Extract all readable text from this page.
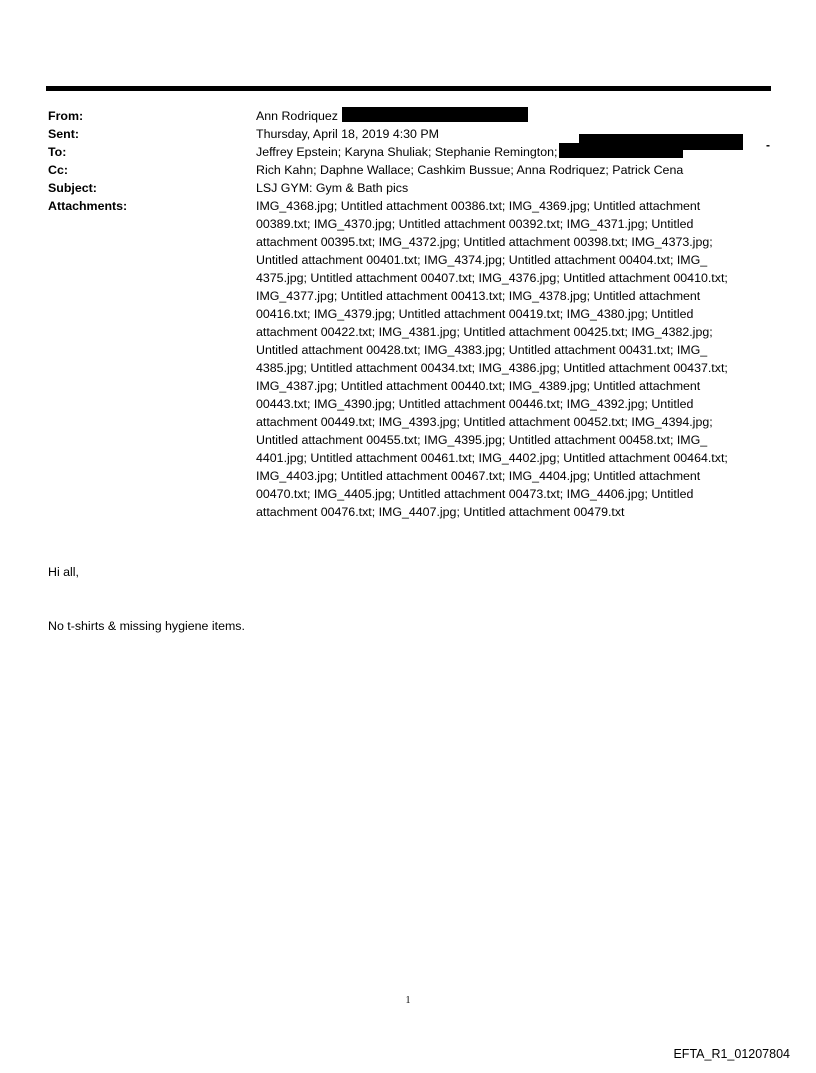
From:	Ann Rodriquez
Sent:	Thursday, April 18, 2019 4:30 PM
To:	Jeffrey Epstein; Karyna Shuliak; Stephanie Remington;
Cc:	Rich Kahn; Daphne Wallace; Cashkim Bussue; Anna Rodriquez; Patrick Cena
Subject:	LSJ GYM: Gym & Bath pics
Attachments:	IMG_4368.jpg; Untitled attachment 00386.txt; IMG_4369.jpg; Untitled attachment
00389.txt; IMG_4370.jpg; Untitled attachment 00392.txt; IMG_4371.jpg; Untitled
attachment 00395.txt; IMG_4372.jpg; Untitled attachment 00398.txt; IMG_4373.jpg;
Untitled attachment 00401.txt; IMG_4374.jpg; Untitled attachment 00404.txt; IMG_
4375.jpg; Untitled attachment 00407.txt; IMG_4376.jpg; Untitled attachment 00410.txt;
IMG_4377.jpg; Untitled attachment 00413.txt; IMG_4378.jpg; Untitled attachment
00416.txt; IMG_4379.jpg; Untitled attachment 00419.txt; IMG_4380.jpg; Untitled
attachment 00422.txt; IMG_4381.jpg; Untitled attachment 00425.txt; IMG_4382.jpg;
Untitled attachment 00428.txt; IMG_4383.jpg; Untitled attachment 00431.txt; IMG_
4385.jpg; Untitled attachment 00434.txt; IMG_4386.jpg; Untitled attachment 00437.txt;
IMG_4387.jpg; Untitled attachment 00440.txt; IMG_4389.jpg; Untitled attachment
00443.txt; IMG_4390.jpg; Untitled attachment 00446.txt; IMG_4392.jpg; Untitled
attachment 00449.txt; IMG_4393.jpg; Untitled attachment 00452.txt; IMG_4394.jpg;
Untitled attachment 00455.txt; IMG_4395.jpg; Untitled attachment 00458.txt; IMG_
4401.jpg; Untitled attachment 00461.txt; IMG_4402.jpg; Untitled attachment 00464.txt;
IMG_4403.jpg; Untitled attachment 00467.txt; IMG_4404.jpg; Untitled attachment
00470.txt; IMG_4405.jpg; Untitled attachment 00473.txt; IMG_4406.jpg; Untitled
attachment 00476.txt; IMG_4407.jpg; Untitled attachment 00479.txt
-
Hi all,
No t-shirts & missing hygiene items.
1
EFTA_R1_01207804
